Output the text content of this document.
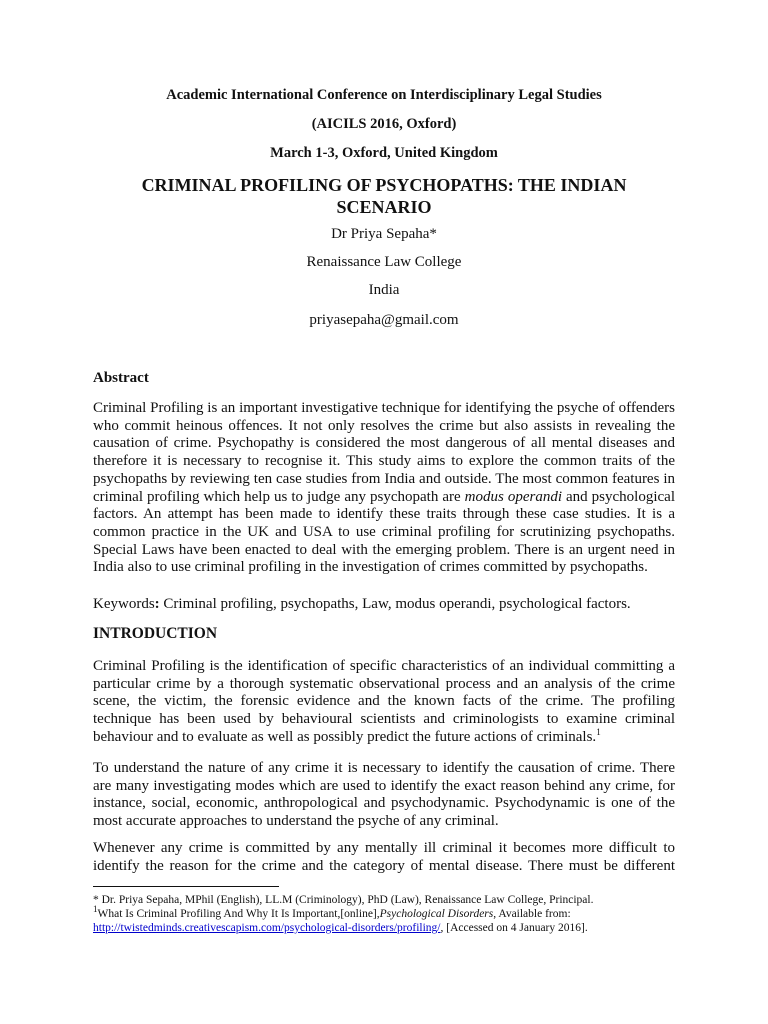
Academic International Conference on Interdisciplinary Legal Studies
(AICILS 2016, Oxford)
March 1-3, Oxford, United Kingdom
CRIMINAL PROFILING OF PSYCHOPATHS: THE INDIAN
SCENARIO
Dr Priya Sepaha*
Renaissance Law College
India
priyasepaha@gmail.com
Abstract
Criminal Profiling is an important investigative technique for identifying the psyche of offenders who commit heinous offences. It not only resolves the crime but also assists in revealing the causation of crime. Psychopathy is considered the most dangerous of all mental diseases and therefore it is necessary to recognise it. This study aims to explore the common traits of the psychopaths by reviewing ten case studies from India and outside. The most common features in criminal profiling which help us to judge any psychopath are modus operandi and psychological factors. An attempt has been made to identify these traits through these case studies. It is a common practice in the UK and USA to use criminal profiling for scrutinizing psychopaths. Special Laws have been enacted to deal with the emerging problem. There is an urgent need in India also to use criminal profiling in the investigation of crimes committed by psychopaths.
Keywords: Criminal profiling, psychopaths, Law, modus operandi, psychological factors.
INTRODUCTION
Criminal Profiling is the identification of specific characteristics of an individual committing a particular crime by a thorough systematic observational process and an analysis of the crime scene, the victim, the forensic evidence and the known facts of the crime. The profiling technique has been used by behavioural scientists and criminologists to examine criminal behaviour and to evaluate as well as possibly predict the future actions of criminals.$^1$
To understand the nature of any crime it is necessary to identify the causation of crime. There are many investigating modes which are used to identify the exact reason behind any crime, for instance, social, economic, anthropological and psychodynamic. Psychodynamic is one of the most accurate approaches to understand the psyche of any criminal.
Whenever any crime is committed by any mentally ill criminal it becomes more difficult to identify the reason for the crime and the category of mental disease. There must be different
* Dr. Priya Sepaha, MPhil (English), LL.M (Criminology), PhD (Law), Renaissance Law College, Principal.
$^1$What Is Criminal Profiling And Why It Is Important,[online],Psychological Disorders, Available from:
http://twistedminds.creativescapism.com/psychological-disorders/profiling/, [Accessed on 4 January 2016].
